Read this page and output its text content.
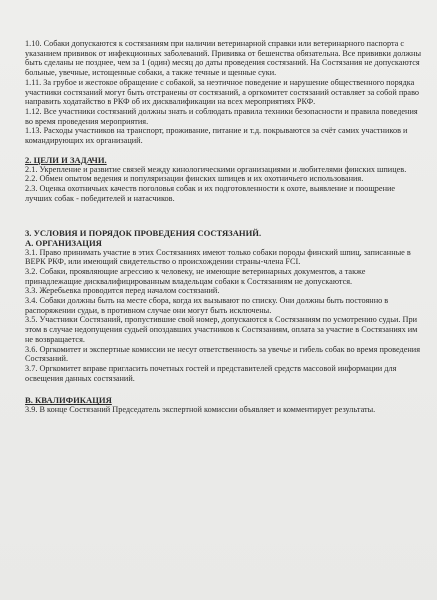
1.10. Собаки допускаются к состязаниям при наличии ветеринарной справки или ветеринарного паспорта с указанием прививок от инфекционных заболеваний. Прививка от бешенства обязательна. Все прививки должны быть сделаны не позднее, чем за 1 (один) месяц до даты проведения состязаний. На Состязания не допускаются больные, увечные, истощенные собаки, а также течные и щенные суки.

1.11. За грубое и жестокое обращение с собакой, за неэтичное поведение и нарушение общественного порядка участники состязаний могут быть отстранены от состязаний, а оргкомитет состязаний оставляет за собой право направить ходатайство в РКФ об их дисквалификации на всех мероприятиях РКФ.

1.12. Все участники состязаний должны знать и соблюдать правила техники безопасности и правила поведения во время проведения мероприятия.

1.13. Расходы участников на транспорт, проживание, питание и т.д. покрываются за счёт самих участников и командирующих их организаций.

2. ЦЕЛИ И ЗАДАЧИ.

2.1. Укрепление и развитие связей между кинологическими организациями и любителями финских шпицев.

2.2. Обмен опытом ведения и популяризации финских шпицев и их охотничьего использования.

2.3. Оценка охотничьих качеств поголовья собак и их подготовленности к охоте, выявление и поощрение лучших собак - победителей и натасчиков.

3. УСЛОВИЯ И ПОРЯДОК ПРОВЕДЕНИЯ СОСТЯЗАНИЙ.

А. ОРГАНИЗАЦИЯ

3.1. Право принимать участие в этих Состязаниях имеют только собаки породы финский шпиц, записанные в ВЕРК РКФ, или имеющий свидетельство о происхождении страны-члена FCI.

3.2. Собаки, проявляющие агрессию к человеку, не имеющие ветеринарных документов, а также принадлежащие дисквалифицированным владельцам собаки к Состязаниям не допускаются.

3.3. Жеребьевка проводится перед началом состязаний.

3.4. Собаки должны быть на месте сбора, когда их вызывают по списку. Они должны быть постоянно в распоряжении судьи, в противном случае они могут быть исключены.

3.5. Участники Состязаний, пропустившие свой номер, допускаются к Состязаниям по усмотрению судьи. При этом в случае недопущения судьей опоздавших участников к Состязаниям, оплата за участие в Состязаниях им не возвращается.

3.6. Оргкомитет и экспертные комиссии не несут ответственность за увечье и гибель собак во время проведения Состязаний.

3.7. Оргкомитет вправе пригласить почетных гостей и представителей средств массовой информации для освещения данных состязаний.

В. КВАЛИФИКАЦИЯ

3.9. В конце Состязаний Председатель экспертной комиссии объявляет и комментирует результаты.
